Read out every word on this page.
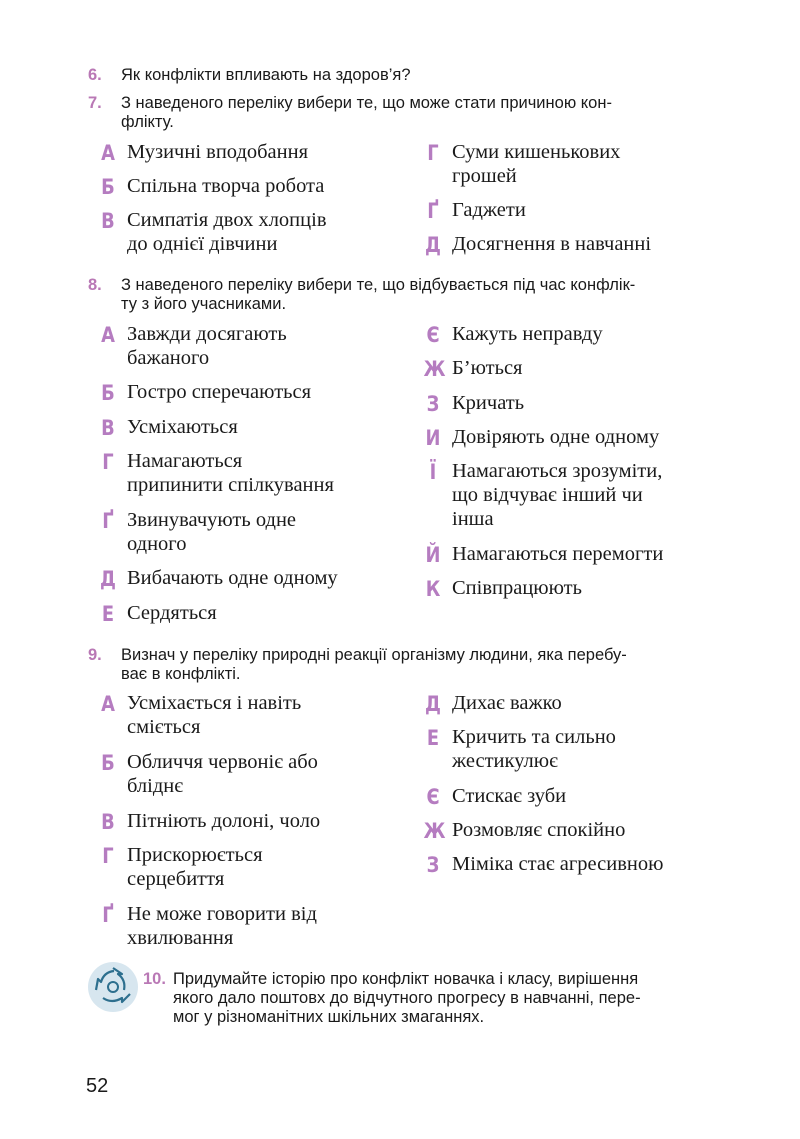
6. Як конфлікти впливають на здоров’я?
7. З наведеного переліку вибери те, що може стати причиною кон-
флікту.
А Музичні вподобання
Б Спільна творча робота
В Симпатія двох хлопців
до однієї дівчини
Г Суми кишенькових
грошей
Ґ Гаджети
Д Досягнення в навчанні
8. З наведеного переліку вибери те, що відбувається під час конфлік-
ту з його учасниками.
А Завжди досягають
бажаного
Б Гостро сперечаються
В Усміхаються
Г Намагаються
припинити спілкування
Ґ Звинувачують одне
одного
Д Вибачають одне одному
Е Сердяться
Є Кажуть неправду
Ж Б’ються
З Кричать
И Довіряють одне одному
Ї Намагаються зрозуміти,
що відчуває інший чи
інша
Й Намагаються перемогти
К Співпрацюють
9. Визнач у переліку природні реакції організму людини, яка перебу-
ває в конфлікті.
А Усміхається і навіть
сміється
Б Обличчя червоніє або
бліднє
В Пітніють долоні, чоло
Г Прискорюється
серцебиття
Ґ Не може говорити від
хвилювання
Д Дихає важко
Е Кричить та сильно
жестикулює
Є Стискає зуби
Ж Розмовляє спокійно
З Міміка стає агресивною
10. Придумайте історію про конфлікт новачка і класу, вирішення
якого дало поштовх до відчутного прогресу в навчанні, пере-
мог у різноманітних шкільних змаганнях.
52
